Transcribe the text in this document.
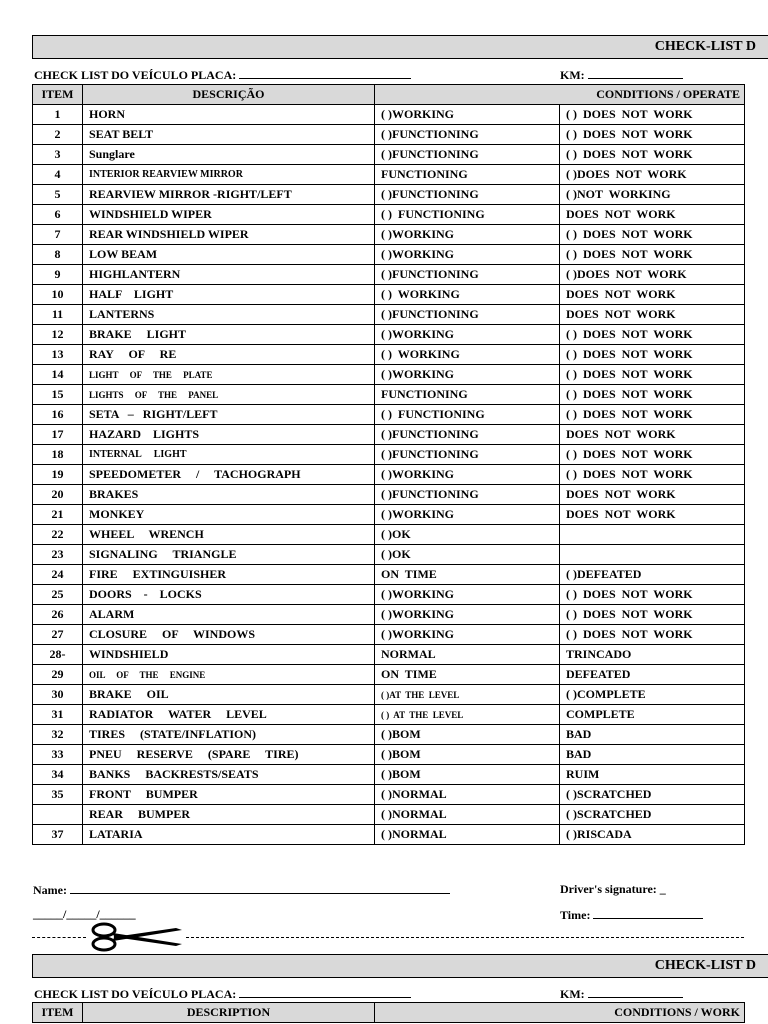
CHECK-LIST D
CHECK LIST DO VEÍCULO PLACA:	KM:
ITEM	DESCRIÇÃO	CONDITIONS / OPERATE	
1	HORN	( )WORKING	( )  DOES  NOT  WORK
2	SEAT BELT	( )FUNCTIONING	( )  DOES  NOT  WORK
3	Sunglare	( )FUNCTIONING	( )  DOES  NOT  WORK
4	INTERIOR REARVIEW MIRROR	FUNCTIONING	( )DOES  NOT  WORK
5	REARVIEW MIRROR -RIGHT/LEFT	( )FUNCTIONING	( )NOT  WORKING
6	WINDSHIELD WIPER	( )  FUNCTIONING	DOES  NOT  WORK
7	REAR WINDSHIELD WIPER	( )WORKING	( )  DOES  NOT  WORK
8	LOW BEAM	( )WORKING	( )  DOES  NOT  WORK
9	HIGHLANTERN	( )FUNCTIONING	( )DOES  NOT  WORK
10	HALF    LIGHT	( )  WORKING	DOES  NOT  WORK
11	LANTERNS	( )FUNCTIONING	DOES  NOT  WORK
12	BRAKE     LIGHT	( )WORKING	( )  DOES  NOT  WORK
13	RAY     OF     RE	( )  WORKING	( )  DOES  NOT  WORK
14	LIGHT     OF     THE     PLATE	( )WORKING	( )  DOES  NOT  WORK
15	LIGHTS     OF     THE     PANEL	FUNCTIONING	( )  DOES  NOT  WORK
16	SETA   –   RIGHT/LEFT	( )  FUNCTIONING	( )  DOES  NOT  WORK
17	HAZARD    LIGHTS	( )FUNCTIONING	DOES  NOT  WORK
18	INTERNAL     LIGHT	( )FUNCTIONING	( )  DOES  NOT  WORK
19	SPEEDOMETER     /     TACHOGRAPH	( )WORKING	( )  DOES  NOT  WORK
20	BRAKES	( )FUNCTIONING	DOES  NOT  WORK
21	MONKEY	( )WORKING	DOES  NOT  WORK
22	WHEEL     WRENCH	( )OK	
23	SIGNALING     TRIANGLE	( )OK	
24	FIRE     EXTINGUISHER	ON  TIME	( )DEFEATED
25	DOORS    -    LOCKS	( )WORKING	( )  DOES  NOT  WORK
26	ALARM	( )WORKING	( )  DOES  NOT  WORK
27	CLOSURE     OF     WINDOWS	( )WORKING	( )  DOES  NOT  WORK
28-	WINDSHIELD	NORMAL	TRINCADO
29	OIL     OF     THE     ENGINE	ON  TIME	DEFEATED
30	BRAKE     OIL	( )AT  THE  LEVEL	( )COMPLETE
31	RADIATOR     WATER     LEVEL	( )  AT  THE  LEVEL	COMPLETE
32	TIRES     (STATE/INFLATION)	( )BOM	BAD
33	PNEU     RESERVE     (SPARE     TIRE)	( )BOM	BAD
34	BANKS     BACKRESTS/SEATS	( )BOM	RUIM
35	FRONT     BUMPER	( )NORMAL	( )SCRATCHED
	REAR     BUMPER	( )NORMAL	( )SCRATCHED
37	LATARIA	( )NORMAL	( )RISCADA
Name:	Driver's signature: _
_____/_____/______	Time:
CHECK-LIST D
CHECK LIST DO VEÍCULO PLACA:	KM:
ITEM	DESCRIPTION	CONDITIONS / WORK
